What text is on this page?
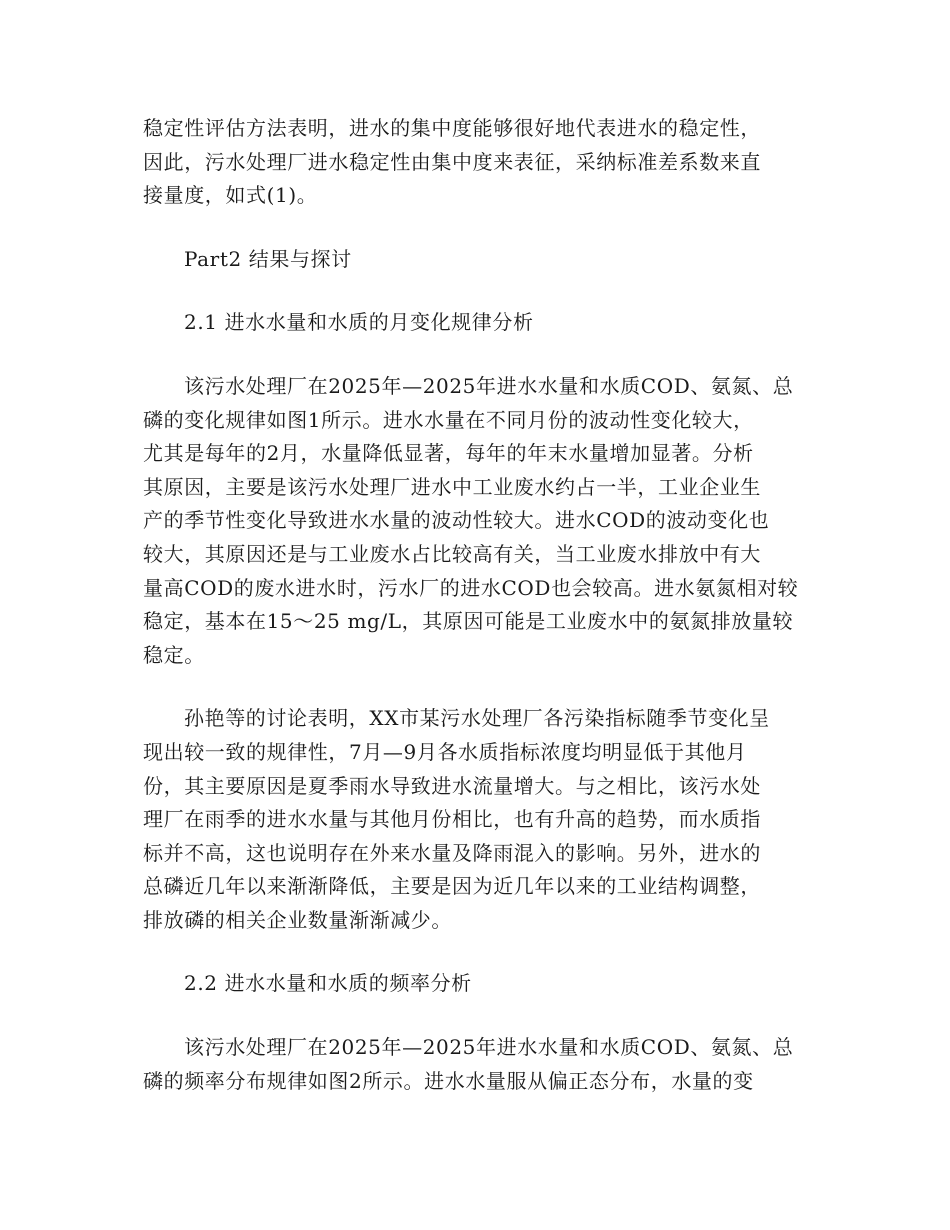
稳定性评估方法表明，进水的集中度能够很好地代表进水的稳定性，
因此，污水处理厂进水稳定性由集中度来表征，采纳标准差系数来直
接量度，如式(1)。
Part2 结果与探讨
2.1 进水水量和水质的月变化规律分析
该污水处理厂在2025年—2025年进水水量和水质COD、氨氮、总
磷的变化规律如图1所示。进水水量在不同月份的波动性变化较大，
尤其是每年的2月，水量降低显著，每年的年末水量增加显著。分析
其原因，主要是该污水处理厂进水中工业废水约占一半，工业企业生
产的季节性变化导致进水水量的波动性较大。进水COD的波动变化也
较大，其原因还是与工业废水占比较高有关，当工业废水排放中有大
量高COD的废水进水时，污水厂的进水COD也会较高。进水氨氮相对较
稳定，基本在15～25 mg/L，其原因可能是工业废水中的氨氮排放量较
稳定。
孙艳等的讨论表明，XX市某污水处理厂各污染指标随季节变化呈
现出较一致的规律性，7月—9月各水质指标浓度均明显低于其他月
份，其主要原因是夏季雨水导致进水流量增大。与之相比，该污水处
理厂在雨季的进水水量与其他月份相比，也有升高的趋势，而水质指
标并不高，这也说明存在外来水量及降雨混入的影响。另外，进水的
总磷近几年以来渐渐降低，主要是因为近几年以来的工业结构调整，
排放磷的相关企业数量渐渐减少。
2.2 进水水量和水质的频率分析
该污水处理厂在2025年—2025年进水水量和水质COD、氨氮、总
磷的频率分布规律如图2所示。进水水量服从偏正态分布，水量的变
